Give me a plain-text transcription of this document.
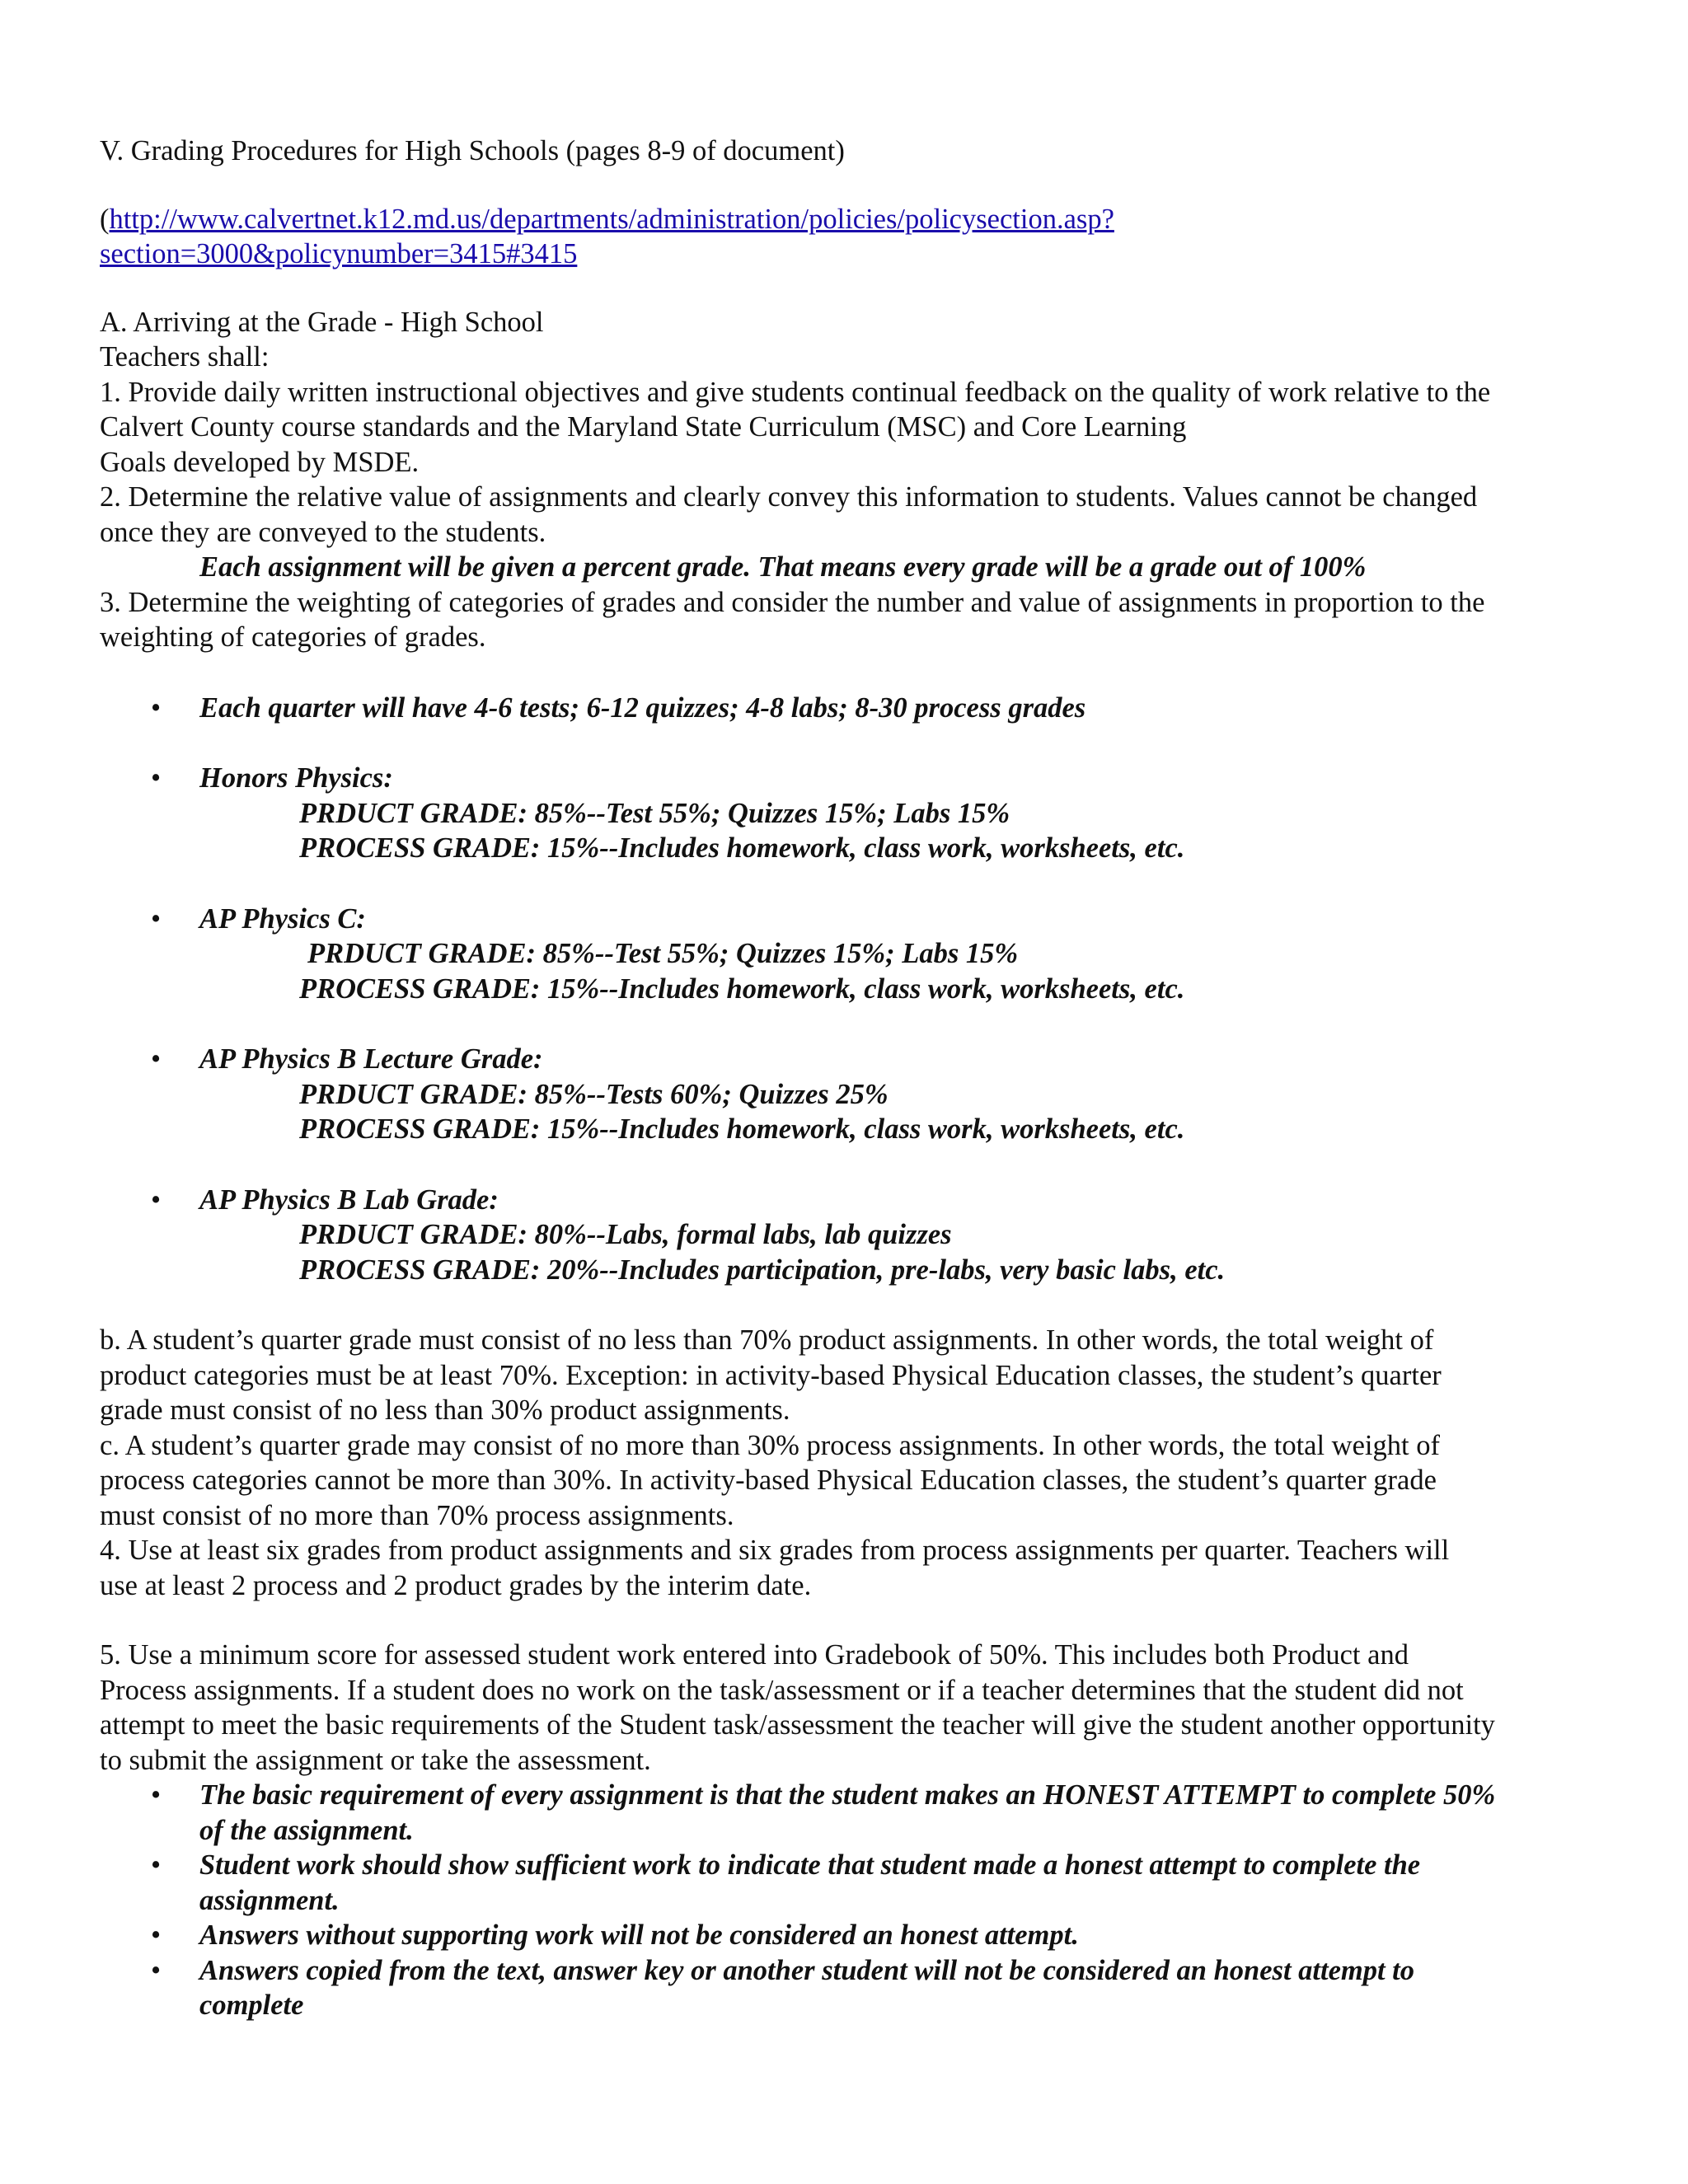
V. Grading Procedures for High Schools (pages 8-9 of document)
(http://www.calvertnet.k12.md.us/departments/administration/policies/policysection.asp?
section=3000&policynumber=3415#3415
A. Arriving at the Grade - High School
Teachers shall:
1. Provide daily written instructional objectives and give students continual feedback on the quality of work relative to the
Calvert County course standards and the Maryland State Curriculum (MSC) and Core Learning
Goals developed by MSDE.
2. Determine the relative value of assignments and clearly convey this information to students. Values cannot be changed
once they are conveyed to the students.
Each assignment will be given a percent grade. That means every grade will be a grade out of 100%
3. Determine the weighting of categories of grades and consider the number and value of assignments in proportion to the
weighting of categories of grades.
• Each quarter will have 4-6 tests; 6-12 quizzes; 4-8 labs; 8-30 process grades
• Honors Physics:
PRDUCT GRADE: 85%--Test 55%; Quizzes 15%; Labs 15%
PROCESS GRADE: 15%--Includes homework, class work, worksheets, etc.
• AP Physics C:
PRDUCT GRADE: 85%--Test 55%; Quizzes 15%; Labs 15%
PROCESS GRADE: 15%--Includes homework, class work, worksheets, etc.
• AP Physics B Lecture Grade:
PRDUCT GRADE: 85%--Tests 60%; Quizzes 25%
PROCESS GRADE: 15%--Includes homework, class work, worksheets, etc.
• AP Physics B Lab Grade:
PRDUCT GRADE: 80%--Labs, formal labs, lab quizzes
PROCESS GRADE: 20%--Includes participation, pre-labs, very basic labs, etc.
b. A student’s quarter grade must consist of no less than 70% product assignments. In other words, the total weight of
product categories must be at least 70%. Exception: in activity-based Physical Education classes, the student’s quarter
grade must consist of no less than 30% product assignments.
c. A student’s quarter grade may consist of no more than 30% process assignments. In other words, the total weight of
process categories cannot be more than 30%. In activity-based Physical Education classes, the student’s quarter grade
must consist of no more than 70% process assignments.
4. Use at least six grades from product assignments and six grades from process assignments per quarter. Teachers will
use at least 2 process and 2 product grades by the interim date.
5. Use a minimum score for assessed student work entered into Gradebook of 50%. This includes both Product and
Process assignments. If a student does no work on the task/assessment or if a teacher determines that the student did not
attempt to meet the basic requirements of the Student task/assessment the teacher will give the student another opportunity
to submit the assignment or take the assessment.
• The basic requirement of every assignment is that the student makes an HONEST ATTEMPT to complete 50%
of the assignment.
• Student work should show sufficient work to indicate that student made a honest attempt to complete the
assignment.
• Answers without supporting work will not be considered an honest attempt.
• Answers copied from the text, answer key or another student will not be considered an honest attempt to
complete
